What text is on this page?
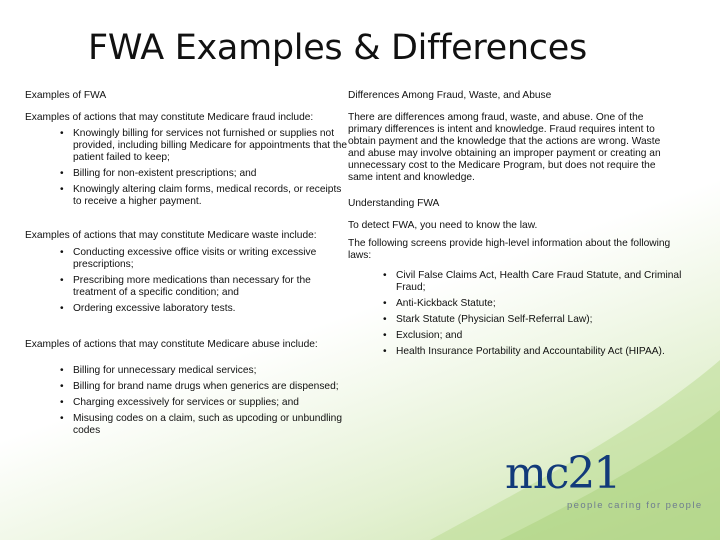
FWA Examples & Differences

Examples of FWA

Examples of actions that may constitute Medicare fraud include:

• Knowingly billing for services not furnished or supplies not provided, including billing Medicare for appointments that the patient failed to keep;
• Billing for non-existent prescriptions; and
• Knowingly altering claim forms, medical records, or receipts to receive a higher payment.

Examples of actions that may constitute Medicare waste include:

• Conducting excessive office visits or writing excessive prescriptions;
• Prescribing more medications than necessary for the treatment of a specific condition; and
• Ordering excessive laboratory tests.

Examples of actions that may constitute Medicare abuse include:

• Billing for unnecessary medical services;
• Billing for brand name drugs when generics are dispensed;
• Charging excessively for services or supplies; and
• Misusing codes on a claim, such as upcoding or unbundling codes

Differences Among Fraud, Waste, and Abuse

There are differences among fraud, waste, and abuse. One of the primary differences is intent and knowledge. Fraud requires intent to obtain payment and the knowledge that the actions are wrong. Waste and abuse may involve obtaining an improper payment or creating an unnecessary cost to the Medicare Program, but does not require the same intent and knowledge.

Understanding FWA

To detect FWA, you need to know the law.

The following screens provide high-level information about the following laws:

• Civil False Claims Act, Health Care Fraud Statute, and Criminal Fraud;
• Anti-Kickback Statute;
• Stark Statute (Physician Self-Referral Law);
• Exclusion; and
• Health Insurance Portability and Accountability Act (HIPAA).
mc21
people caring for people
